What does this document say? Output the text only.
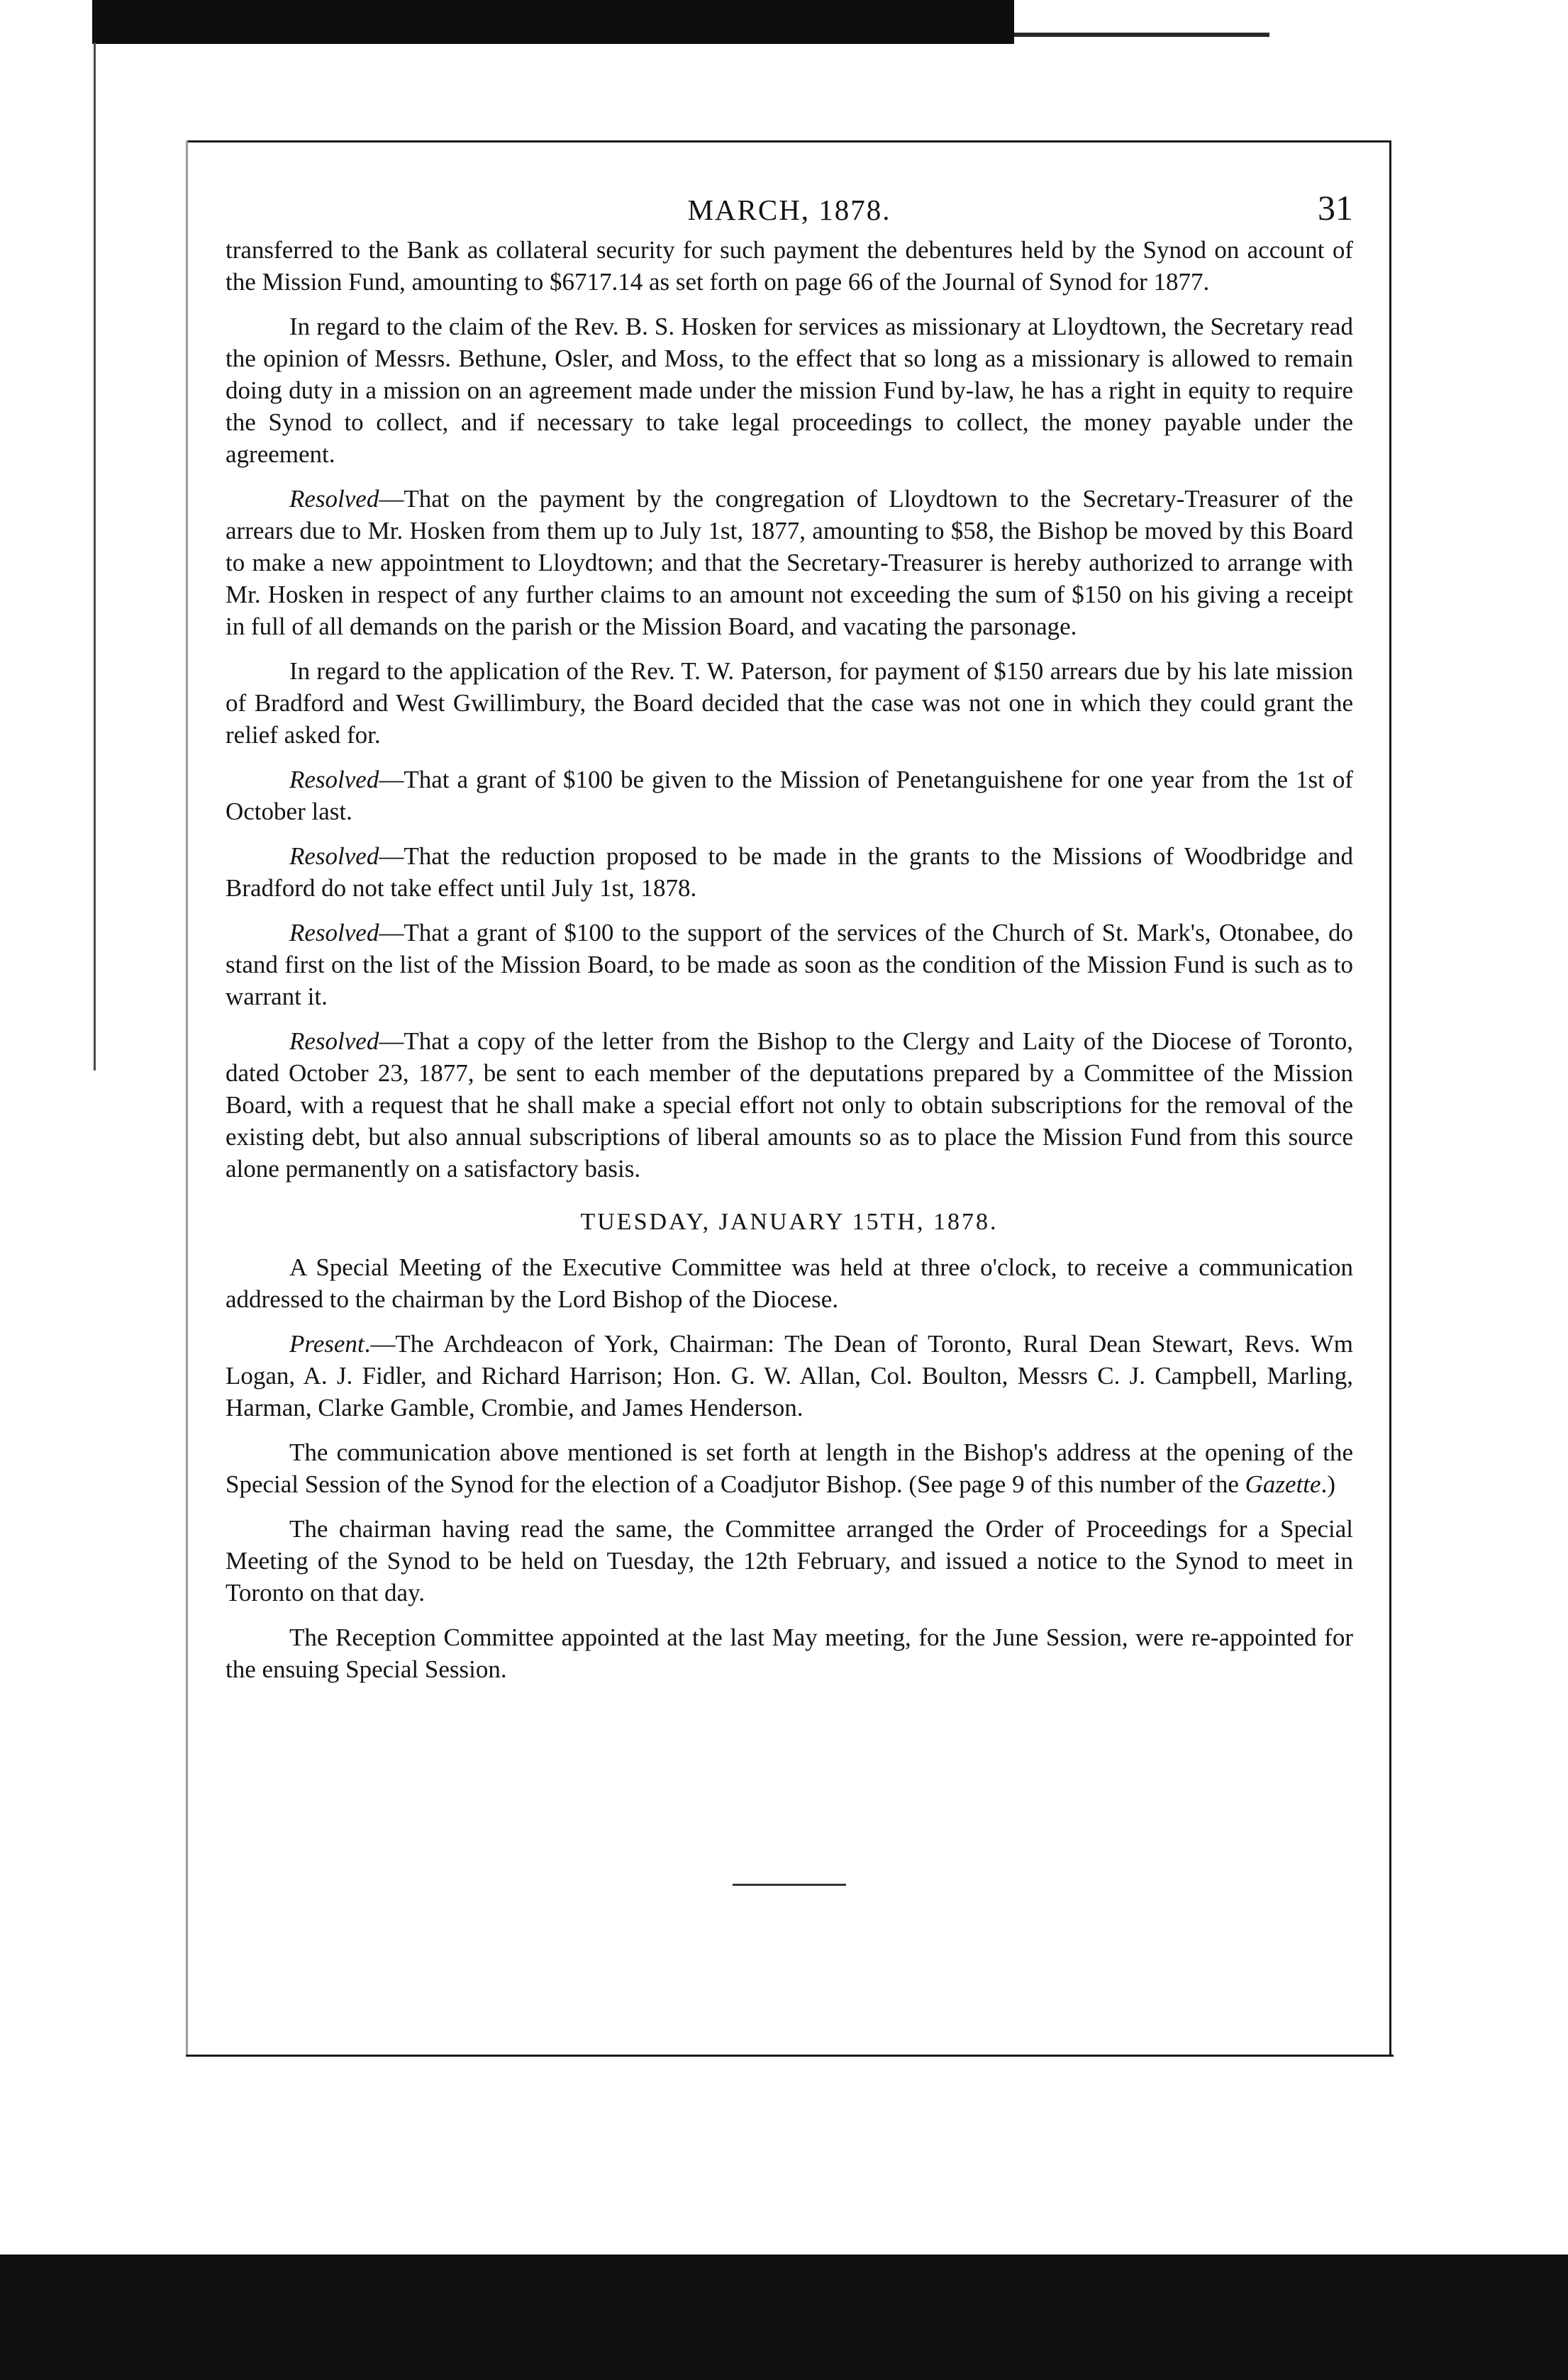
MARCH, 1878.	31

transferred to the Bank as collateral security for such payment the debentures held by the Synod on account of the Mission Fund, amounting to $6717.14 as set forth on page 66 of the Journal of Synod for 1877.

In regard to the claim of the Rev. B. S. Hosken for services as missionary at Lloydtown, the Secretary read the opinion of Messrs. Bethune, Osler, and Moss, to the effect that so long as a missionary is allowed to remain doing duty in a mission on an agreement made under the mission Fund by-law, he has a right in equity to require the Synod to collect, and if necessary to take legal proceedings to collect, the money payable under the agreement.

Resolved—That on the payment by the congregation of Lloydtown to the Secretary-Treasurer of the arrears due to Mr. Hosken from them up to July 1st, 1877, amounting to $58, the Bishop be moved by this Board to make a new appointment to Lloydtown; and that the Secretary-Treasurer is hereby authorized to arrange with Mr. Hosken in respect of any further claims to an amount not exceeding the sum of $150 on his giving a receipt in full of all demands on the parish or the Mission Board, and vacating the parsonage.

In regard to the application of the Rev. T. W. Paterson, for payment of $150 arrears due by his late mission of Bradford and West Gwillimbury, the Board decided that the case was not one in which they could grant the relief asked for.

Resolved—That a grant of $100 be given to the Mission of Penetanguishene for one year from the 1st of October last.

Resolved—That the reduction proposed to be made in the grants to the Missions of Woodbridge and Bradford do not take effect until July 1st, 1878.

Resolved—That a grant of $100 to the support of the services of the Church of St. Mark's, Otonabee, do stand first on the list of the Mission Board, to be made as soon as the condition of the Mission Fund is such as to warrant it.

Resolved—That a copy of the letter from the Bishop to the Clergy and Laity of the Diocese of Toronto, dated October 23, 1877, be sent to each member of the deputations prepared by a Committee of the Mission Board, with a request that he shall make a special effort not only to obtain subscriptions for the removal of the existing debt, but also annual subscriptions of liberal amounts so as to place the Mission Fund from this source alone permanently on a satisfactory basis.

TUESDAY, JANUARY 15TH, 1878.

A Special Meeting of the Executive Committee was held at three o'clock, to receive a communication addressed to the chairman by the Lord Bishop of the Diocese.

Present.—The Archdeacon of York, Chairman: The Dean of Toronto, Rural Dean Stewart, Revs. Wm Logan, A. J. Fidler, and Richard Harrison; Hon. G. W. Allan, Col. Boulton, Messrs C. J. Campbell, Marling, Harman, Clarke Gamble, Crombie, and James Henderson.

The communication above mentioned is set forth at length in the Bishop's address at the opening of the Special Session of the Synod for the election of a Coadjutor Bishop. (See page 9 of this number of the Gazette.)

The chairman having read the same, the Committee arranged the Order of Proceedings for a Special Meeting of the Synod to be held on Tuesday, the 12th February, and issued a notice to the Synod to meet in Toronto on that day.

The Reception Committee appointed at the last May meeting, for the June Session, were re-appointed for the ensuing Special Session.
